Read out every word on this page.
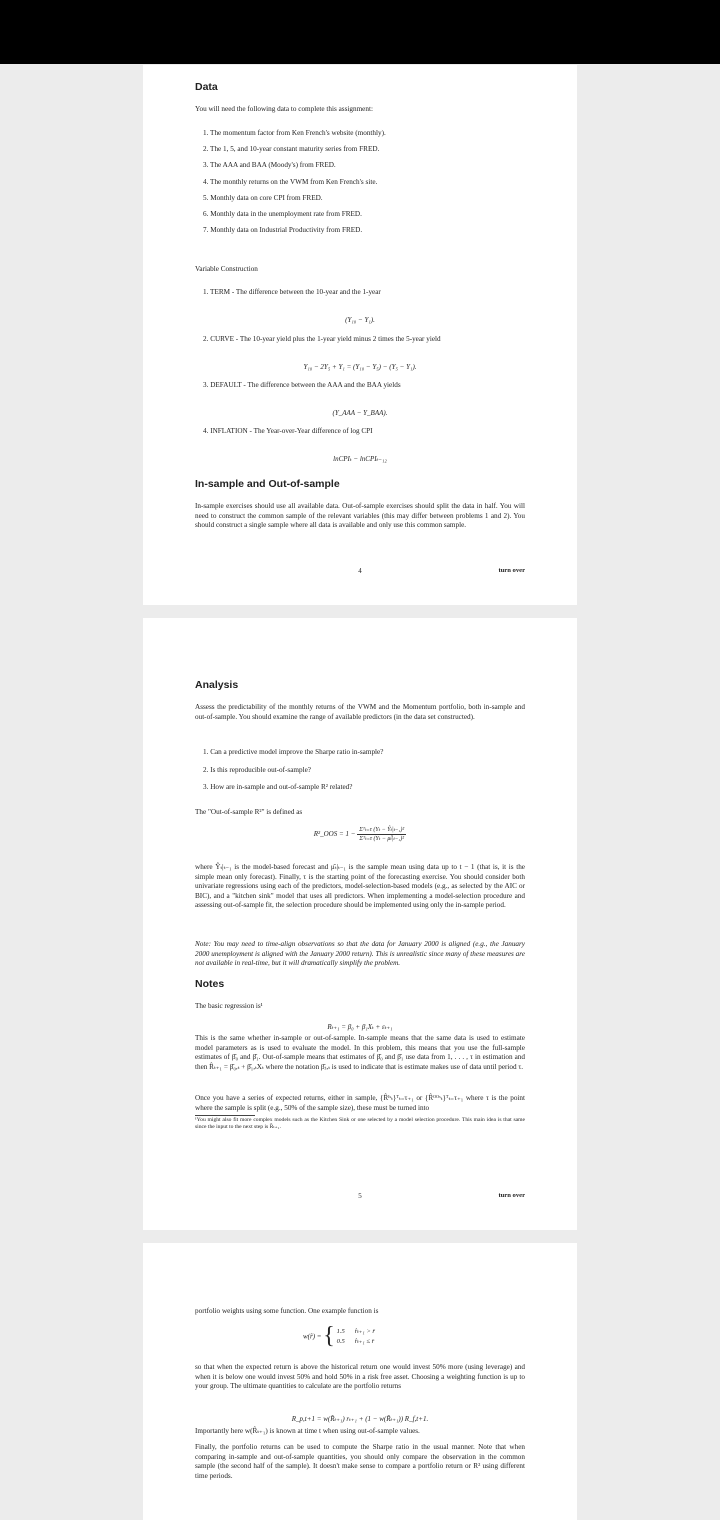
Data

You will need the following data to complete this assignment:

1. The momentum factor from Ken French's website (monthly).
2. The 1, 5, and 10-year constant maturity series from FRED.
3. The AAA and BAA (Moody's) from FRED.
4. The monthly returns on the VWM from Ken French's site.
5. Monthly data on core CPI from FRED.
6. Monthly data in the unemployment rate from FRED.
7. Monthly data on Industrial Productivity from FRED.

Variable Construction

1. TERM - The difference between the 10-year and the 1-year

(Y₁₀ − Y₁).

2. CURVE - The 10-year yield plus the 1-year yield minus 2 times the 5-year yield

Y₁₀ − 2Y₅ + Y₁ = (Y₁₀ − Y₅) − (Y₅ − Y₁).

3. DEFAULT - The difference between the AAA and the BAA yields

(Y_AAA − Y_BAA).

4. INFLATION - The Year-over-Year difference of log CPI

lnCPIₜ − lnCPIₜ₋₁₂

In-sample and Out-of-sample

In-sample exercises should use all available data. Out-of-sample exercises should split the data in half. You will need to construct the common sample of the relevant variables (this may differ between problems 1 and 2). You should construct a single sample where all data is available and only use this common sample.

4	turn over

Analysis

Assess the predictability of the monthly returns of the VWM and the Momentum portfolio, both in-sample and out-of-sample. You should examine the range of available predictors (in the data set constructed).

1. Can a predictive model improve the Sharpe ratio in-sample?
2. Is this reproducible out-of-sample?
3. How are in-sample and out-of-sample R² related?

The "Out-of-sample R²" is defined as

R²_OOS = $1 - \frac{\text{Σᵀₜ₌τ (Yₜ − Ŷₜ|ₜ₋₁)²}}{\text{Σᵀₜ₌τ (Yₜ − μ̂ₜ|ₜ₋₁)²}}$

where Ŷₜ|ₜ₋₁ is the model-based forecast and μ̂ₜ|ₜ₋₁ is the sample mean using data up to t − 1 (that is, it is the simple mean only forecast). Finally, τ is the starting point of the forecasting exercise. You should consider both univariate regressions using each of the predictors, model-selection-based models (e.g., as selected by the AIC or BIC), and a "kitchen sink" model that uses all predictors. When implementing a model-selection procedure and assessing out-of-sample fit, the selection procedure should be implemented using only the in-sample period.

Note: You may need to time-align observations so that the data for January 2000 is aligned (e.g., the January 2000 unemployment is aligned with the January 2000 return). This is unrealistic since many of these measures are not available in real-time, but it will dramatically simplify the problem.

Notes

The basic regression is¹

Rₜ₊₁ = β₀ + β₁Xₜ + εₜ₊₁

This is the same whether in-sample or out-of-sample. In-sample means that the same data is used to estimate model parameters as is used to evaluate the model. In this problem, this means that you use the full-sample estimates of β̂₀ and β̂₁. Out-of-sample means that estimates of β̂₀ and β̂₁ use data from 1, . . . , τ in estimation and then R̂ₜ₊₁ = β̂₀,ₜ + β̂₁,ₜXₜ where the notation β̂ⱼ,ₜ is used to indicate that is estimate makes use of data until period τ.

Once you have a series of expected returns, either in sample, {R̂ᴵˢₜ}ᵀₜ₌τ₊₁ or {R̂ᴼᴼˢₜ}ᵀₜ₌τ₊₁ where τ is the point where the sample is split (e.g., 50% of the sample size), these must be turned into

¹You might also fit more complex models such as the Kitchen Sink or one selected by a model selection procedure. This main idea is that same since the input to the next step is R̂ₜ₊₁.

5	turn over

portfolio weights using some function. One example function is

w(r̂) = { 1.5 r̂ₜ₊₁ > r̄
0.5 r̂ₜ₊₁ ≤ r̄

so that when the expected return is above the historical return one would invest 50% more (using leverage) and when it is below one would invest 50% and hold 50% in a risk free asset. Choosing a weighting function is up to your group. The ultimate quantities to calculate are the portfolio returns

R_p,t+1 = w(R̂ₜ₊₁) rₜ₊₁ + (1 − w(R̂ₜ₊₁)) R_f,t+1.

Importantly here w(R̂ₜ₊₁) is known at time t when using out-of-sample values.

Finally, the portfolio returns can be used to compute the Sharpe ratio in the usual manner. Note that when comparing in-sample and out-of-sample quantities, you should only compare the observation in the common sample (the second half of the sample). It doesn't make sense to compare a portfolio return or R² using different time periods.
